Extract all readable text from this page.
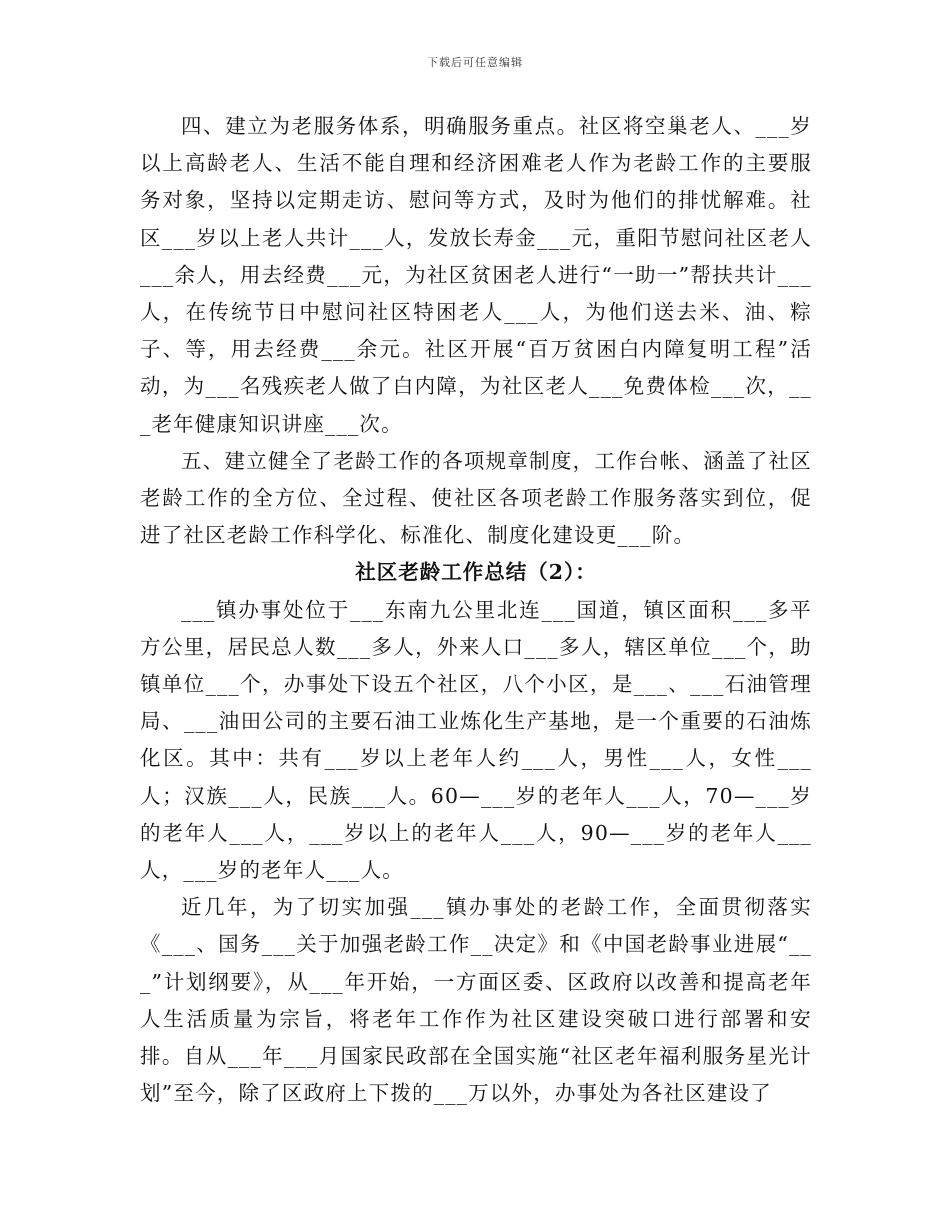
下载后可任意编辑

四、建立为老服务体系，明确服务重点。社区将空巢老人、___岁以上高龄老人、生活不能自理和经济困难老人作为老龄工作的主要服务对象，坚持以定期走访、慰问等方式，及时为他们的排忧解难。社区___岁以上老人共计___人，发放长寿金___元，重阳节慰问社区老人___余人，用去经费___元，为社区贫困老人进行“一助一”帮扶共计___人，在传统节日中慰问社区特困老人___人，为他们送去米、油、粽子、等，用去经费___余元。社区开展“百万贫困白内障复明工程”活动，为___名残疾老人做了白内障，为社区老人___免费体检___次，___老年健康知识讲座___次。

五、建立健全了老龄工作的各项规章制度，工作台帐、涵盖了社区老龄工作的全方位、全过程、使社区各项老龄工作服务落实到位，促进了社区老龄工作科学化、标准化、制度化建设更___阶。

社区老龄工作总结（2）：

___镇办事处位于___东南九公里北连___国道，镇区面积___多平方公里，居民总人数___多人，外来人口___多人，辖区单位___个，助镇单位___个，办事处下设五个社区，八个小区，是___、___石油管理局、___油田公司的主要石油工业炼化生产基地，是一个重要的石油炼化区。其中：共有___岁以上老年人约___人，男性___人，女性___人；汉族___人，民族___人。60—___岁的老年人___人，70—___岁的老年人___人，___岁以上的老年人___人，90—___岁的老年人___人，___岁的老年人___人。

近几年，为了切实加强___镇办事处的老龄工作，全面贯彻落实《___、国务___关于加强老龄工作__决定》和《中国老龄事业进展“___”计划纲要》，从___年开始，一方面区委、区政府以改善和提高老年人生活质量为宗旨，将老年工作作为社区建设突破口进行部署和安排。自从___年___月国家民政部在全国实施“社区老年福利服务星光计划”至今，除了区政府上下拨的___万以外，办事处为各社区建设了
